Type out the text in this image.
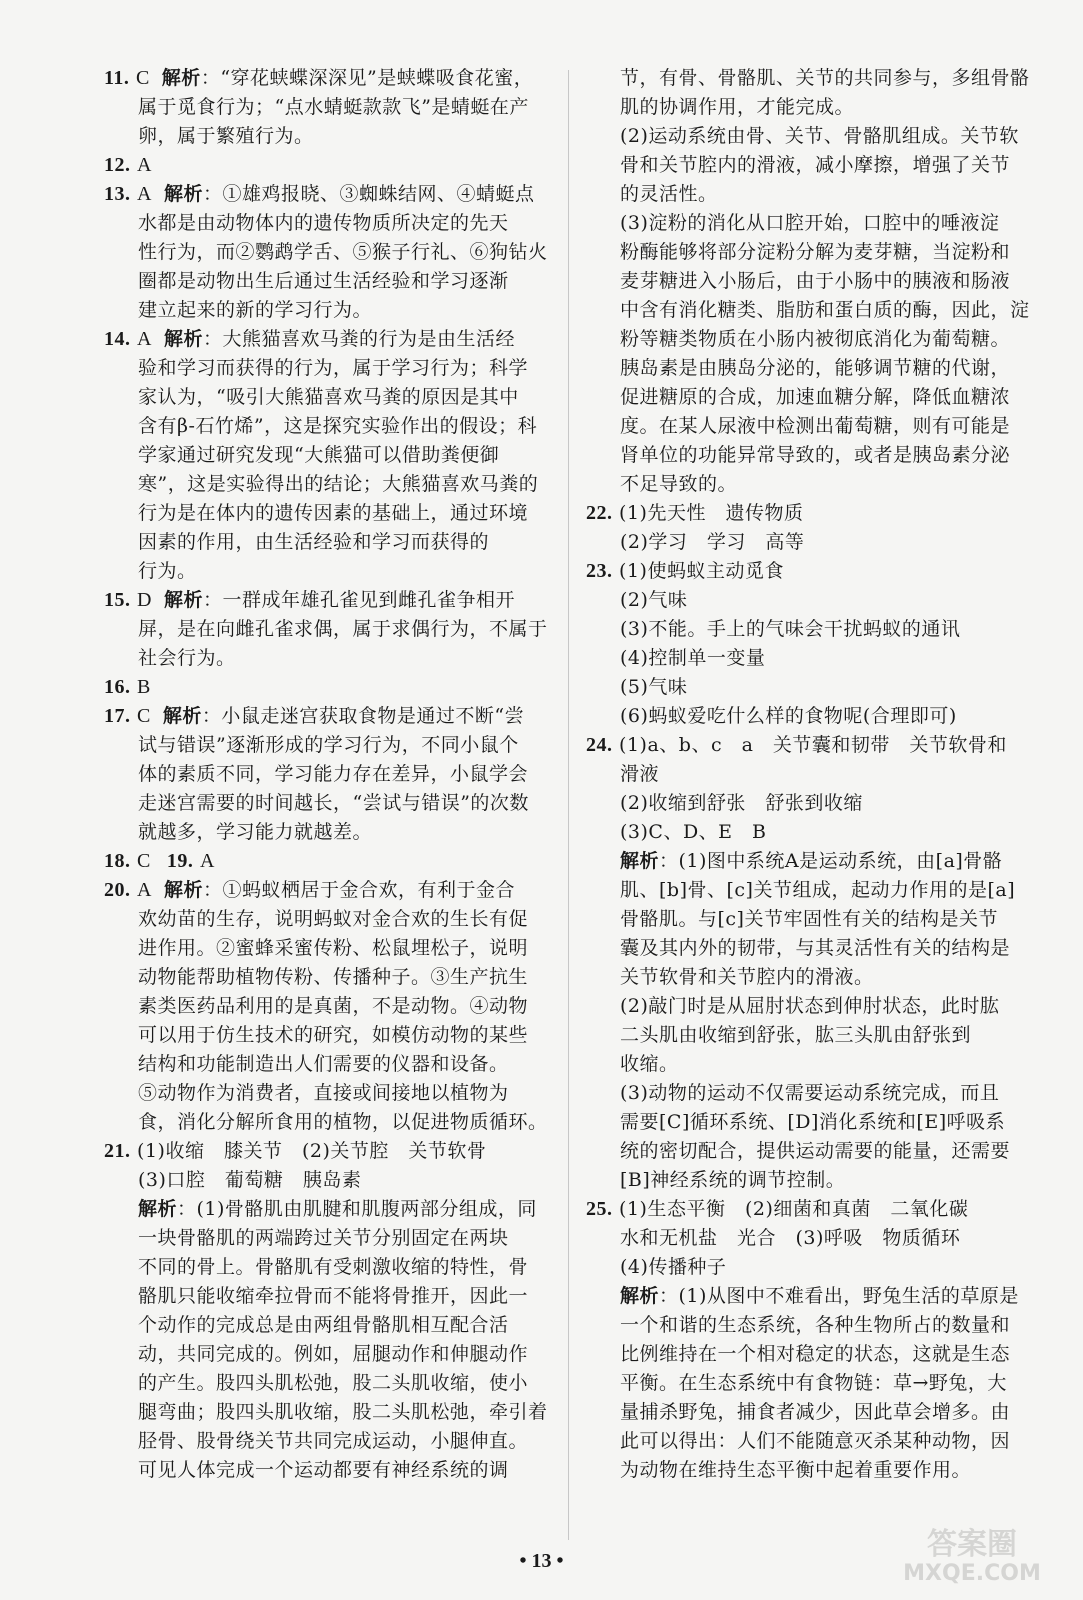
11. C 解析：“穿花蛱蝶深深见”是蛱蝶吸食花蜜，
属于觅食行为；“点水蜻蜓款款飞”是蜻蜓在产
卵，属于繁殖行为。
12. A
13. A 解析：①雄鸡报晓、③蜘蛛结网、④蜻蜓点
水都是由动物体内的遗传物质所决定的先天
性行为，而②鹦鹉学舌、⑤猴子行礼、⑥狗钻火
圈都是动物出生后通过生活经验和学习逐渐
建立起来的新的学习行为。
14. A 解析：大熊猫喜欢马粪的行为是由生活经
验和学习而获得的行为，属于学习行为；科学
家认为，“吸引大熊猫喜欢马粪的原因是其中
含有β-石竹烯”，这是探究实验作出的假设；科
学家通过研究发现“大熊猫可以借助粪便御
寒”，这是实验得出的结论；大熊猫喜欢马粪的
行为是在体内的遗传因素的基础上，通过环境
因素的作用，由生活经验和学习而获得的
行为。
15. D 解析：一群成年雄孔雀见到雌孔雀争相开
屏，是在向雌孔雀求偶，属于求偶行为，不属于
社会行为。
16. B
17. C 解析：小鼠走迷宫获取食物是通过不断“尝
试与错误”逐渐形成的学习行为，不同小鼠个
体的素质不同，学习能力存在差异，小鼠学会
走迷宫需要的时间越长，“尝试与错误”的次数
就越多，学习能力就越差。
18. C 19. A
20. A 解析：①蚂蚁栖居于金合欢，有利于金合
欢幼苗的生存，说明蚂蚁对金合欢的生长有促
进作用。②蜜蜂采蜜传粉、松鼠埋松子，说明
动物能帮助植物传粉、传播种子。③生产抗生
素类医药品利用的是真菌，不是动物。④动物
可以用于仿生技术的研究，如模仿动物的某些
结构和功能制造出人们需要的仪器和设备。
⑤动物作为消费者，直接或间接地以植物为
食，消化分解所食用的植物，以促进物质循环。
21. (1)收缩　膝关节　(2)关节腔　关节软骨
(3)口腔　葡萄糖　胰岛素
解析：(1)骨骼肌由肌腱和肌腹两部分组成，同
一块骨骼肌的两端跨过关节分别固定在两块
不同的骨上。骨骼肌有受刺激收缩的特性，骨
骼肌只能收缩牵拉骨而不能将骨推开，因此一
个动作的完成总是由两组骨骼肌相互配合活
动，共同完成的。例如，屈腿动作和伸腿动作
的产生。股四头肌松弛，股二头肌收缩，使小
腿弯曲；股四头肌收缩，股二头肌松弛，牵引着
胫骨、股骨绕关节共同完成运动，小腿伸直。
可见人体完成一个运动都要有神经系统的调
节，有骨、骨骼肌、关节的共同参与，多组骨骼
肌的协调作用，才能完成。
(2)运动系统由骨、关节、骨骼肌组成。关节软
骨和关节腔内的滑液，减小摩擦，增强了关节
的灵活性。
(3)淀粉的消化从口腔开始，口腔中的唾液淀
粉酶能够将部分淀粉分解为麦芽糖，当淀粉和
麦芽糖进入小肠后，由于小肠中的胰液和肠液
中含有消化糖类、脂肪和蛋白质的酶，因此，淀
粉等糖类物质在小肠内被彻底消化为葡萄糖。
胰岛素是由胰岛分泌的，能够调节糖的代谢，
促进糖原的合成，加速血糖分解，降低血糖浓
度。在某人尿液中检测出葡萄糖，则有可能是
肾单位的功能异常导致的，或者是胰岛素分泌
不足导致的。
22. (1)先天性　遗传物质
(2)学习　学习　高等
23. (1)使蚂蚁主动觅食
(2)气味
(3)不能。手上的气味会干扰蚂蚁的通讯
(4)控制单一变量
(5)气味
(6)蚂蚁爱吃什么样的食物呢(合理即可)
24. (1)a、b、c　a　关节囊和韧带　关节软骨和
滑液
(2)收缩到舒张　舒张到收缩
(3)C、D、E　B
解析：(1)图中系统A是运动系统，由[a]骨骼
肌、[b]骨、[c]关节组成，起动力作用的是[a]
骨骼肌。与[c]关节牢固性有关的结构是关节
囊及其内外的韧带，与其灵活性有关的结构是
关节软骨和关节腔内的滑液。
(2)敲门时是从屈肘状态到伸肘状态，此时肱
二头肌由收缩到舒张，肱三头肌由舒张到
收缩。
(3)动物的运动不仅需要运动系统完成，而且
需要[C]循环系统、[D]消化系统和[E]呼吸系
统的密切配合，提供运动需要的能量，还需要
[B]神经系统的调节控制。
25. (1)生态平衡　(2)细菌和真菌　二氧化碳
水和无机盐　光合　(3)呼吸　物质循环
(4)传播种子
解析：(1)从图中不难看出，野兔生活的草原是
一个和谐的生态系统，各种生物所占的数量和
比例维持在一个相对稳定的状态，这就是生态
平衡。在生态系统中有食物链：草→野兔，大
量捕杀野兔，捕食者减少，因此草会增多。由
此可以得出：人们不能随意灭杀某种动物，因
为动物在维持生态平衡中起着重要作用。
• 13 •	答案圈
MXQE.COM
